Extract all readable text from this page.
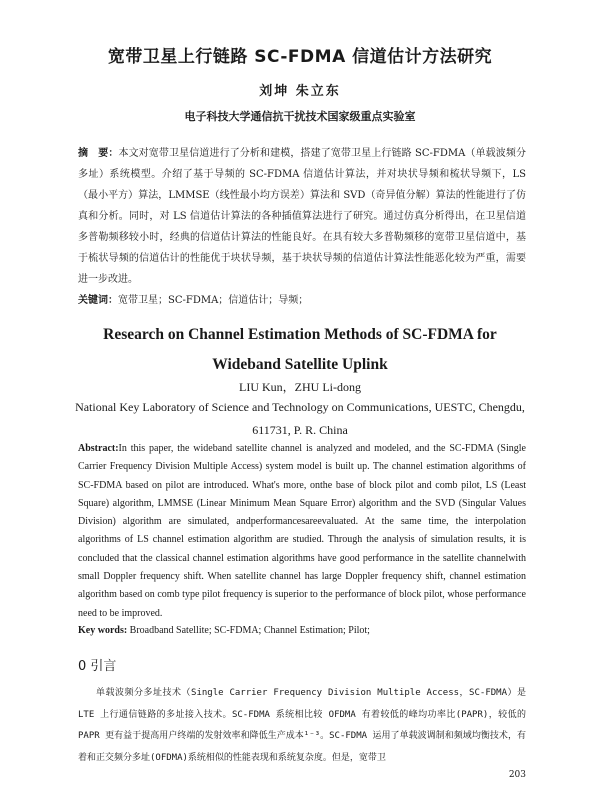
宽带卫星上行链路 SC-FDMA 信道估计方法研究
刘坤 朱立东
电子科技大学通信抗干扰技术国家级重点实验室
摘　要：本文对宽带卫星信道进行了分析和建模，搭建了宽带卫星上行链路 SC-FDMA（单载波频分多址）系统模型。介绍了基于导频的 SC-FDMA 信道估计算法，并对块状导频和梳状导频下，LS（最小平方）算法，LMMSE（线性最小均方误差）算法和 SVD（奇异值分解）算法的性能进行了仿真和分析。同时，对 LS 信道估计算法的各种插值算法进行了研究。通过仿真分析得出，在卫星信道多普勒频移较小时，经典的信道估计算法的性能良好。在具有较大多普勒频移的宽带卫星信道中，基于梳状导频的信道估计的性能优于块状导频，基于块状导频的信道估计算法性能恶化较为严重，需要进一步改进。
关键词：宽带卫星；SC-FDMA；信道估计；导频；
Research on Channel Estimation Methods of SC-FDMA for Wideband Satellite Uplink
LIU Kun，ZHU Li-dong
National Key Laboratory of Science and Technology on Communications, UESTC, Chengdu, 611731, P. R. China
Abstract:In this paper, the wideband satellite channel is analyzed and modeled, and the SC-FDMA (Single Carrier Frequency Division Multiple Access) system model is built up. The channel estimation algorithms of SC-FDMA based on pilot are introduced. What's more, onthe base of block pilot and comb pilot, LS (Least Square) algorithm, LMMSE (Linear Minimum Mean Square Error) algorithm and the SVD (Singular Values Division) algorithm are simulated, andperformancesareevaluated. At the same time, the interpolation algorithms of LS channel estimation algorithm are studied. Through the analysis of simulation results, it is concluded that the classical channel estimation algorithms have good performance in the satellite channelwith small Doppler frequency shift. When satellite channel has large Doppler frequency shift, channel estimation algorithm based on comb type pilot frequency is superior to the performance of block pilot, whose performance need to be improved.
Key words: Broadband Satellite; SC-FDMA; Channel Estimation; Pilot;
0 引言
单载波频分多址技术（Single Carrier Frequency Division Multiple Access，SC-FDMA）是 LTE 上行通信链路的多址接入技术。SC-FDMA 系统相比较 OFDMA 有着较低的峰均功率比(PAPR)，较低的 PAPR 更有益于提高用户终端的发射效率和降低生产成本¹⁻³。SC-FDMA 运用了单载波调制和频域均衡技术，有着和正交频分多址(OFDMA)系统相似的性能表现和系统复杂度。但是，宽带卫
203
